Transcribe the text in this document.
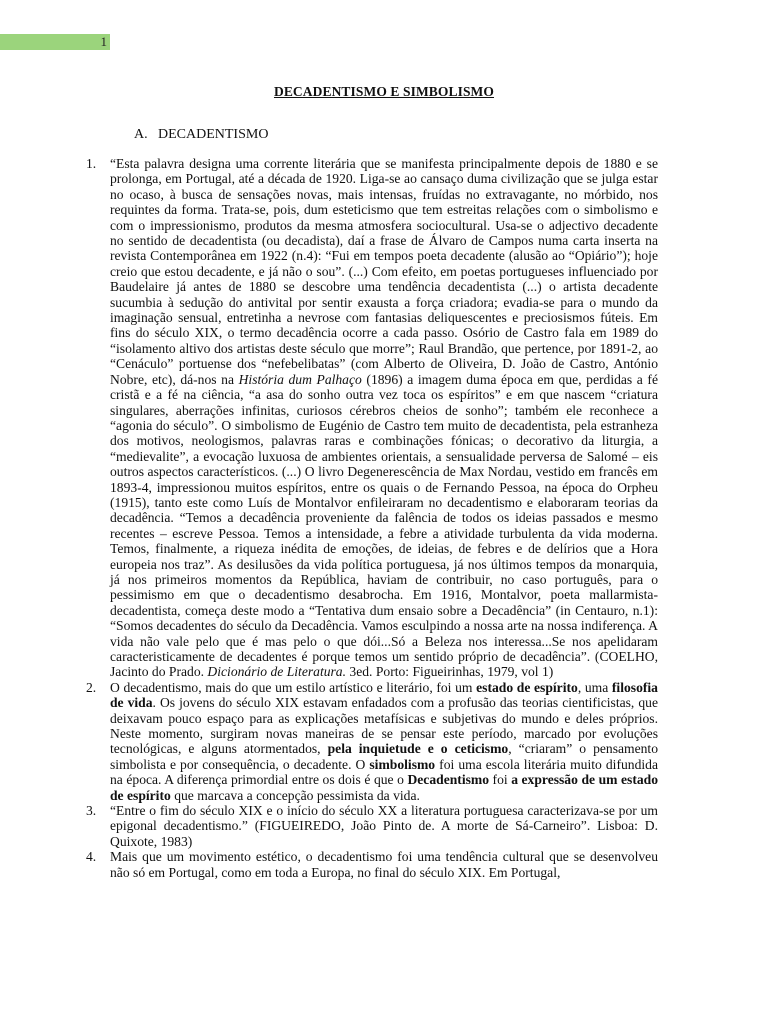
1
DECADENTISMO E SIMBOLISMO
A. DECADENTISMO

1. “Esta palavra designa uma corrente literária que se manifesta principalmente depois de 1880 e se prolonga, em Portugal, até a década de 1920. Liga-se ao cansaço duma civilização que se julga estar no ocaso, à busca de sensações novas, mais intensas, fruídas no extravagante, no mórbido, nos requintes da forma. Trata-se, pois, dum esteticismo que tem estreitas relações com o simbolismo e com o impressionismo, produtos da mesma atmosfera sociocultural. Usa-se o adjectivo decadente no sentido de decadentista (ou decadista), daí a frase de Álvaro de Campos numa carta inserta na revista Contemporânea em 1922 (n.4): “Fui em tempos poeta decadente (alusão ao “Opiário”); hoje creio que estou decadente, e já não o sou”. (...) Com efeito, em poetas portugueses influenciado por Baudelaire já antes de 1880 se descobre uma tendência decadentista (...) o artista decadente sucumbia à sedução do antivital por sentir exausta a força criadora; evadia-se para o mundo da imaginação sensual, entretinha a nevrose com fantasias deliquescentes e preciosismos fúteis. Em fins do século XIX, o termo decadência ocorre a cada passo. Osório de Castro fala em 1989 do “isolamento altivo dos artistas deste século que morre”; Raul Brandão, que pertence, por 1891-2, ao “Cenáculo” portuense dos “nefebelibatas” (com Alberto de Oliveira, D. João de Castro, António Nobre, etc), dá-nos na História dum Palhaço (1896) a imagem duma época em que, perdidas a fé cristã e a fé na ciência, “a asa do sonho outra vez toca os espíritos” e em que nascem “criatura singulares, aberrações infinitas, curiosos cérebros cheios de sonho”; também ele reconhece a “agonia do século”. O simbolismo de Eugénio de Castro tem muito de decadentista, pela estranheza dos motivos, neologismos, palavras raras e combinações fónicas; o decorativo da liturgia, a “medievalite”, a evocação luxuosa de ambientes orientais, a sensualidade perversa de Salomé – eis outros aspectos característicos. (...) O livro Degenerescência de Max Nordau, vestido em francês em 1893-4, impressionou muitos espíritos, entre os quais o de Fernando Pessoa, na época do Orpheu (1915), tanto este como Luís de Montalvor enfileiraram no decadentismo e elaboraram teorias da decadência. “Temos a decadência proveniente da falência de todos os ideias passados e mesmo recentes – escreve Pessoa. Temos a intensidade, a febre a atividade turbulenta da vida moderna. Temos, finalmente, a riqueza inédita de emoções, de ideias, de febres e de delírios que a Hora europeia nos traz”. As desilusões da vida política portuguesa, já nos últimos tempos da monarquia, já nos primeiros momentos da República, haviam de contribuir, no caso português, para o pessimismo em que o decadentismo desabrocha. Em 1916, Montalvor, poeta mallarmista-decadentista, começa deste modo a “Tentativa dum ensaio sobre a Decadência” (in Centauro, n.1): “Somos decadentes do século da Decadência. Vamos esculpindo a nossa arte na nossa indiferença. A vida não vale pelo que é mas pelo o que dói...Só a Beleza nos interessa...Se nos apelidaram caracteristicamente de decadentes é porque temos um sentido próprio de decadência”. (COELHO, Jacinto do Prado. Dicionário de Literatura. 3ed. Porto: Figueirinhas, 1979, vol 1)

2. O decadentismo, mais do que um estilo artístico e literário, foi um estado de espírito, uma filosofia de vida. Os jovens do século XIX estavam enfadados com a profusão das teorias cientificistas, que deixavam pouco espaço para as explicações metafísicas e subjetivas do mundo e deles próprios. Neste momento, surgiram novas maneiras de se pensar este período, marcado por evoluções tecnológicas, e alguns atormentados, pela inquietude e o ceticismo, “criaram” o pensamento simbolista e por consequência, o decadente. O simbolismo foi uma escola literária muito difundida na época. A diferença primordial entre os dois é que o Decadentismo foi a expressão de um estado de espírito que marcava a concepção pessimista da vida.

3. “Entre o fim do século XIX e o início do século XX a literatura portuguesa caracterizava-se por um epigonal decadentismo.” (FIGUEIREDO, João Pinto de. A morte de Sá-Carneiro”. Lisboa: D. Quixote, 1983)

4. Mais que um movimento estético, o decadentismo foi uma tendência cultural que se desenvolveu não só em Portugal, como em toda a Europa, no final do século XIX. Em Portugal,
